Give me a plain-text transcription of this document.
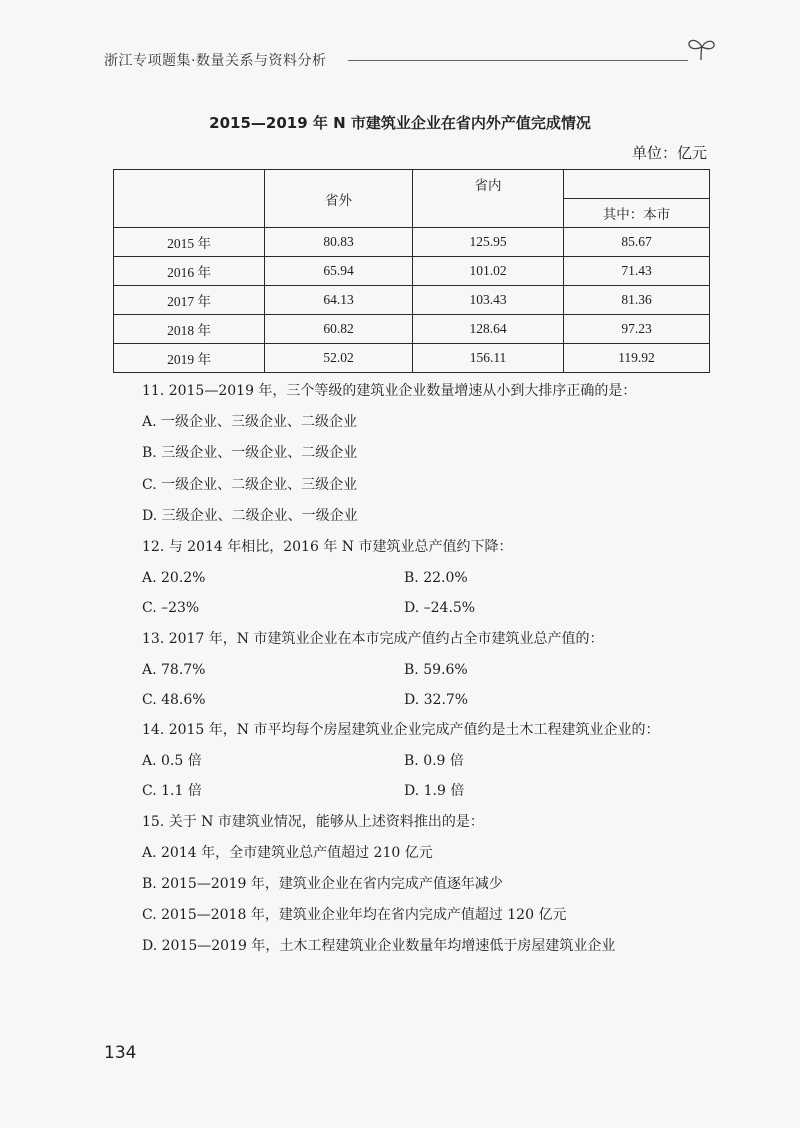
浙江专项题集·数量关系与资料分析
2015—2019 年 N 市建筑业企业在省内外产值完成情况
单位：亿元
	省外	省内	
			其中：本市
2015 年	80.83	125.95	85.67
2016 年	65.94	101.02	71.43
2017 年	64.13	103.43	81.36
2018 年	60.82	128.64	97.23
2019 年	52.02	156.11	119.92
11. 2015—2019 年，三个等级的建筑业企业数量增速从小到大排序正确的是：
A. 一级企业、三级企业、二级企业
B. 三级企业、一级企业、二级企业
C. 一级企业、二级企业、三级企业
D. 三级企业、二级企业、一级企业
12. 与 2014 年相比，2016 年 N 市建筑业总产值约下降：
A. 20.2%	B. 22.0%
C. –23%	D. –24.5%
13. 2017 年，N 市建筑业企业在本市完成产值约占全市建筑业总产值的：
A. 78.7%	B. 59.6%
C. 48.6%	D. 32.7%
14. 2015 年，N 市平均每个房屋建筑业企业完成产值约是土木工程建筑业企业的：
A. 0.5 倍	B. 0.9 倍
C. 1.1 倍	D. 1.9 倍
15. 关于 N 市建筑业情况，能够从上述资料推出的是：
A. 2014 年，全市建筑业总产值超过 210 亿元
B. 2015—2019 年，建筑业企业在省内完成产值逐年减少
C. 2015—2018 年，建筑业企业年均在省内完成产值超过 120 亿元
D. 2015—2019 年，土木工程建筑业企业数量年均增速低于房屋建筑业企业
134
